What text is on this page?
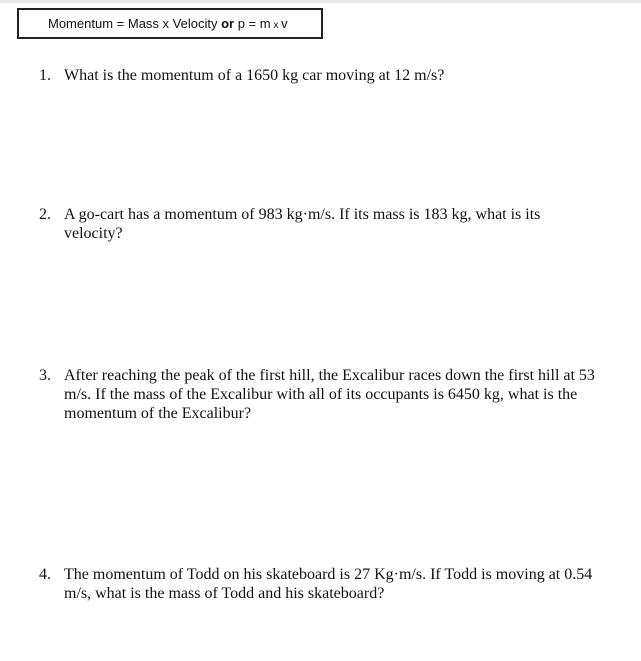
Momentum = Mass x Velocity or p = m x v
1. What is the momentum of a 1650 kg car moving at 12 m/s?
2. A go-cart has a momentum of 983 kg·m/s. If its mass is 183 kg, what is its velocity?
3. After reaching the peak of the first hill, the Excalibur races down the first hill at 53 m/s. If the mass of the Excalibur with all of its occupants is 6450 kg, what is the momentum of the Excalibur?
4. The momentum of Todd on his skateboard is 27 Kg·m/s. If Todd is moving at 0.54 m/s, what is the mass of Todd and his skateboard?
